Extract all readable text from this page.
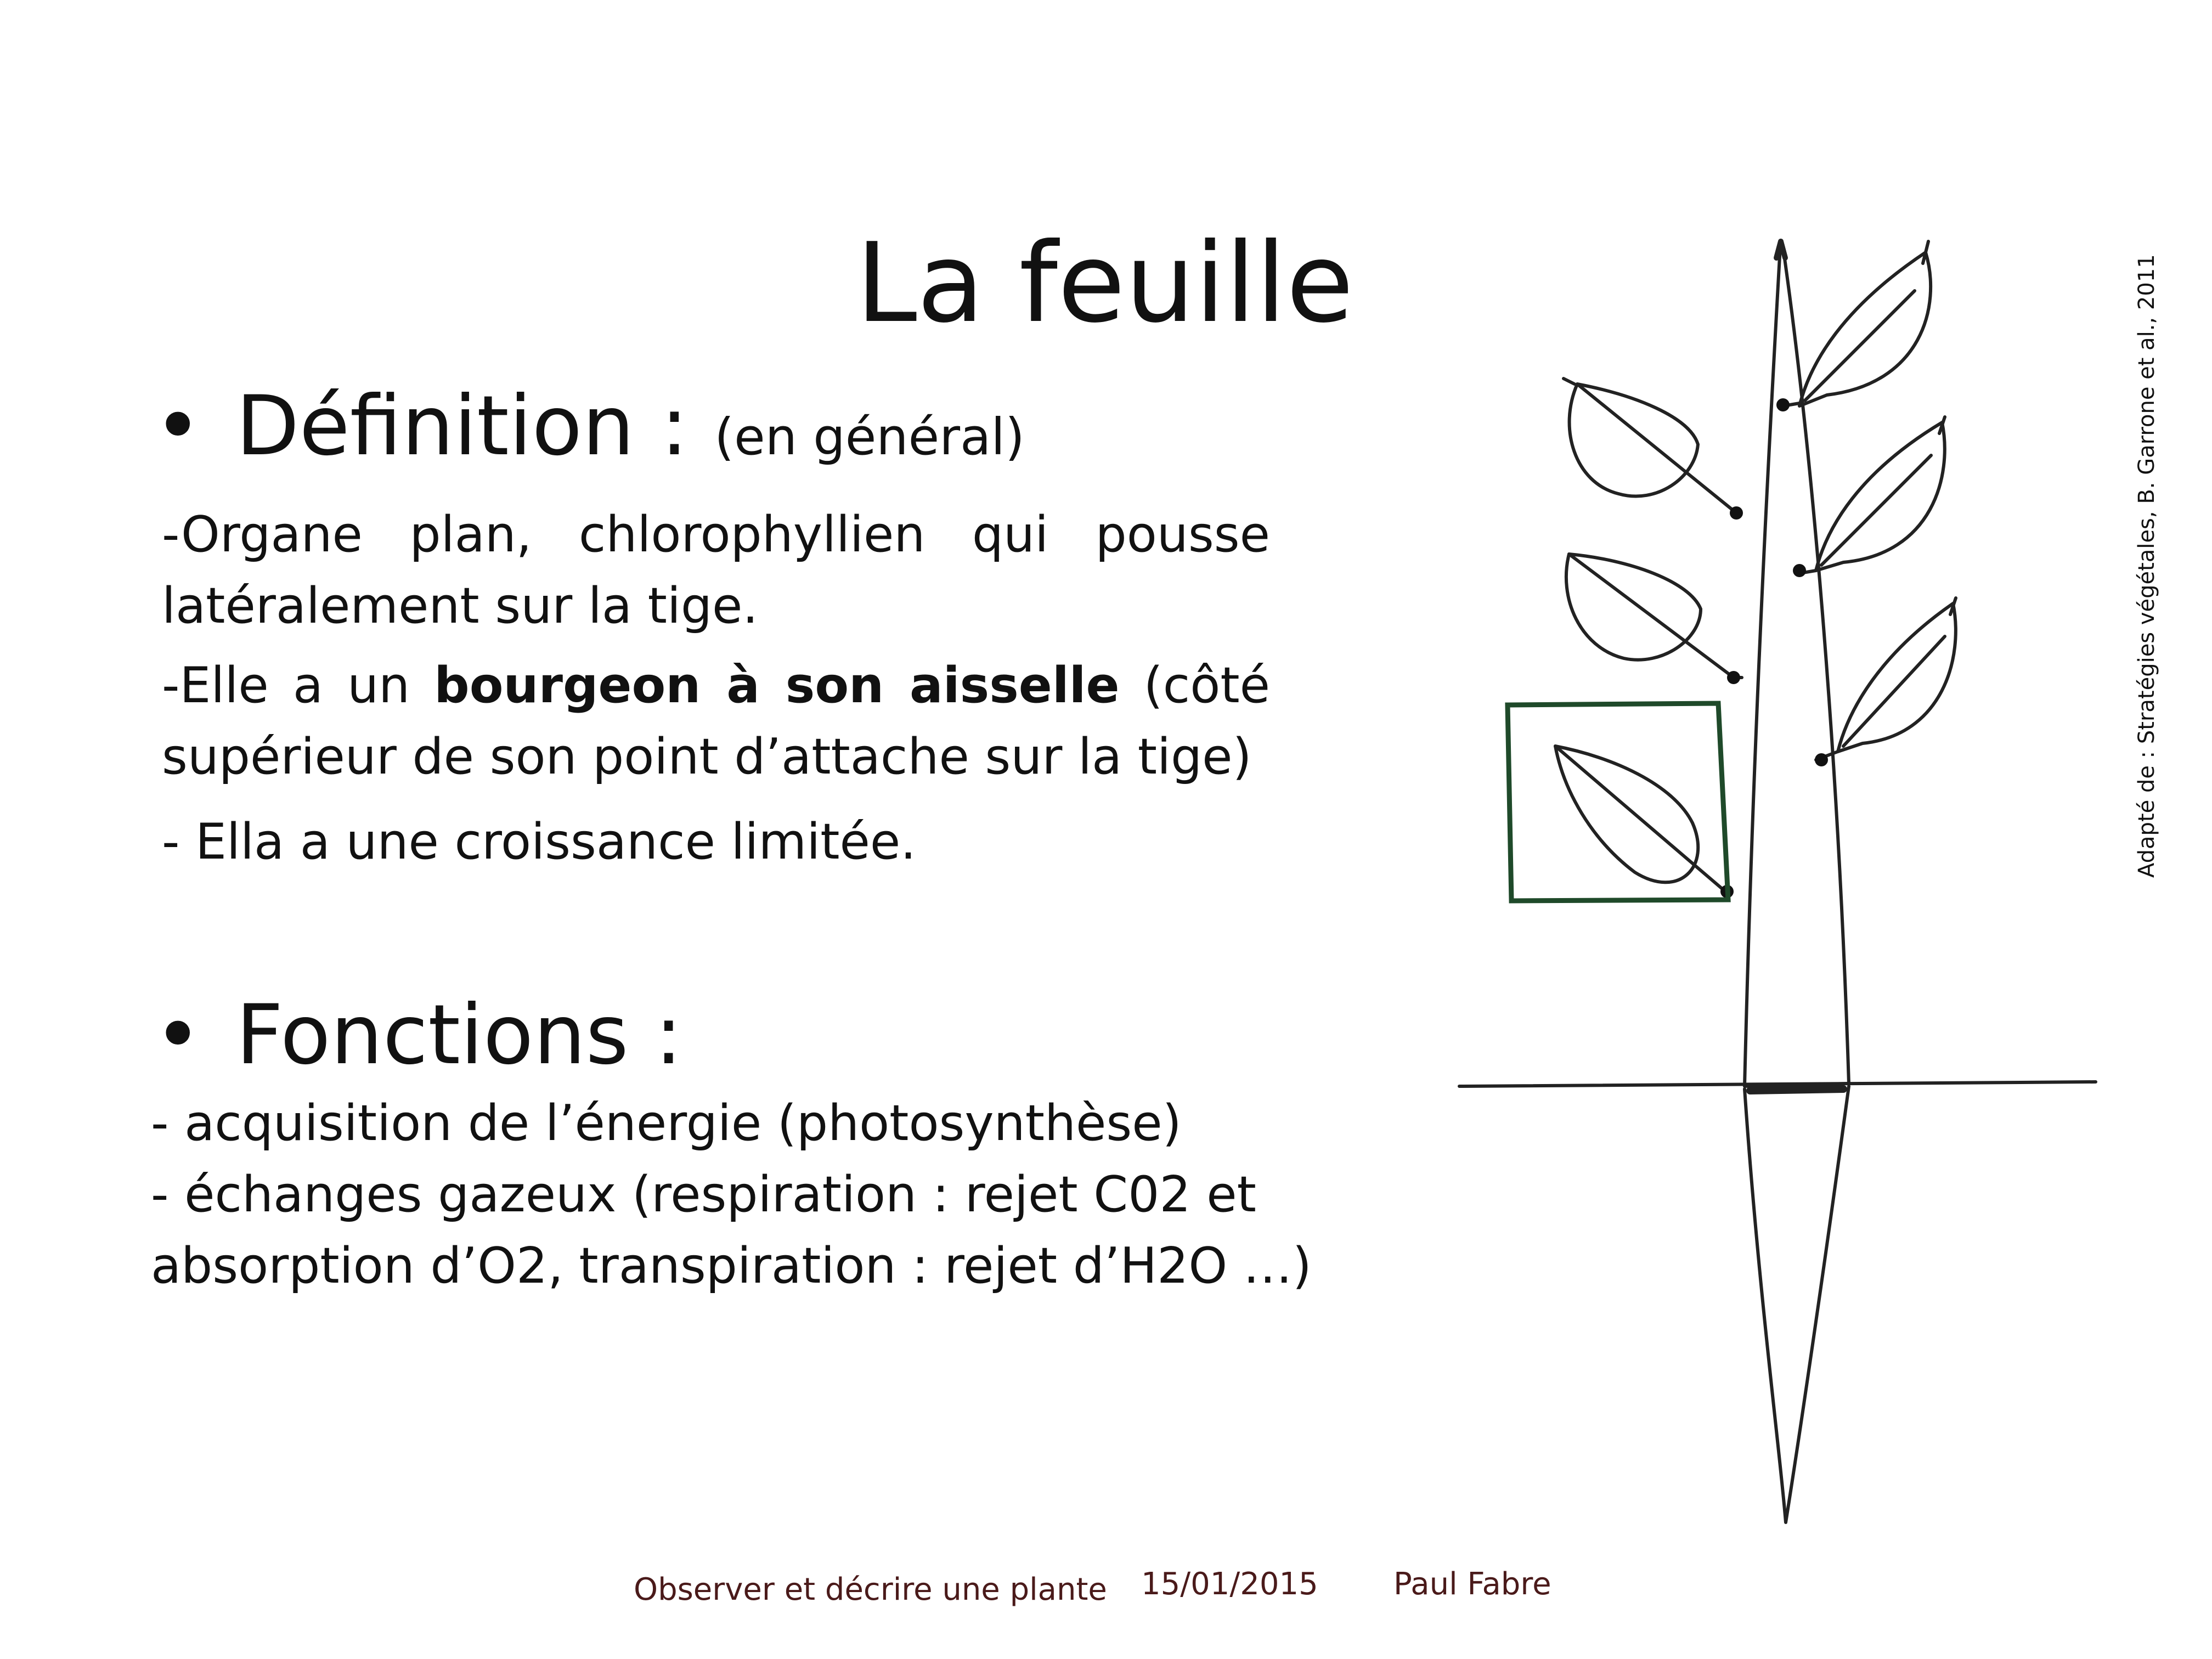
La feuille
• Définition : (en général)
-Organe plan, chlorophyllien qui pousse latéralement sur la tige.
-Elle a un bourgeon à son aisselle (côté supérieur de son point d’attache sur la tige)
- Ella a une croissance limitée.
• Fonctions :
- acquisition de l’énergie (photosynthèse)
- échanges gazeux (respiration : rejet C02 et
absorption d’O2, transpiration : rejet d’H2O …)
Adapté de : Stratégies végétales, B. Garrone et al., 2011
Observer et décrire une plante 15/01/2015 Paul Fabre
